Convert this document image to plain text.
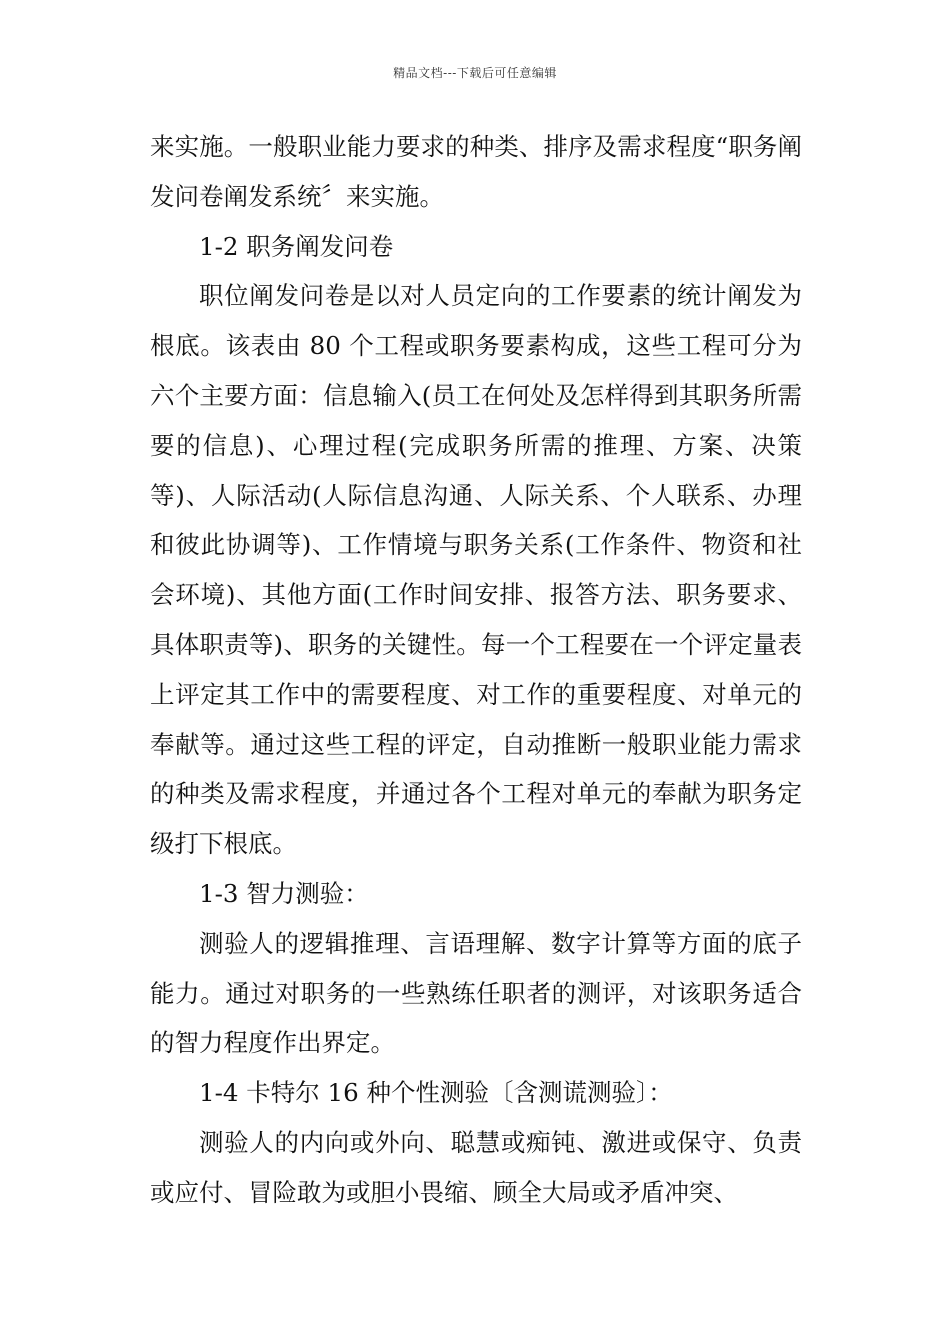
精品文档---下载后可任意编辑

来实施。一般职业能力要求的种类、排序及需求程度“职务阐发问卷阐发系统〞来实施。

1-2 职务阐发问卷

职位阐发问卷是以对人员定向的工作要素的统计阐发为根底。该表由 80 个工程或职务要素构成，这些工程可分为六个主要方面：信息输入(员工在何处及怎样得到其职务所需要的信息)、心理过程(完成职务所需的推理、方案、决策等)、人际活动(人际信息沟通、人际关系、个人联系、办理和彼此协调等)、工作情境与职务关系(工作条件、物资和社会环境)、其他方面(工作时间安排、报答方法、职务要求、具体职责等)、职务的关键性。每一个工程要在一个评定量表上评定其工作中的需要程度、对工作的重要程度、对单元的奉献等。通过这些工程的评定，自动推断一般职业能力需求的种类及需求程度，并通过各个工程对单元的奉献为职务定级打下根底。

1-3 智力测验：

测验人的逻辑推理、言语理解、数字计算等方面的底子能力。通过对职务的一些熟练任职者的测评，对该职务适合的智力程度作出界定。

1-4 卡特尔 16 种个性测验〔含测谎测验〕：

测验人的内向或外向、聪慧或痴钝、激进或保守、负责或应付、冒险敢为或胆小畏缩、顾全大局或矛盾冲突、
